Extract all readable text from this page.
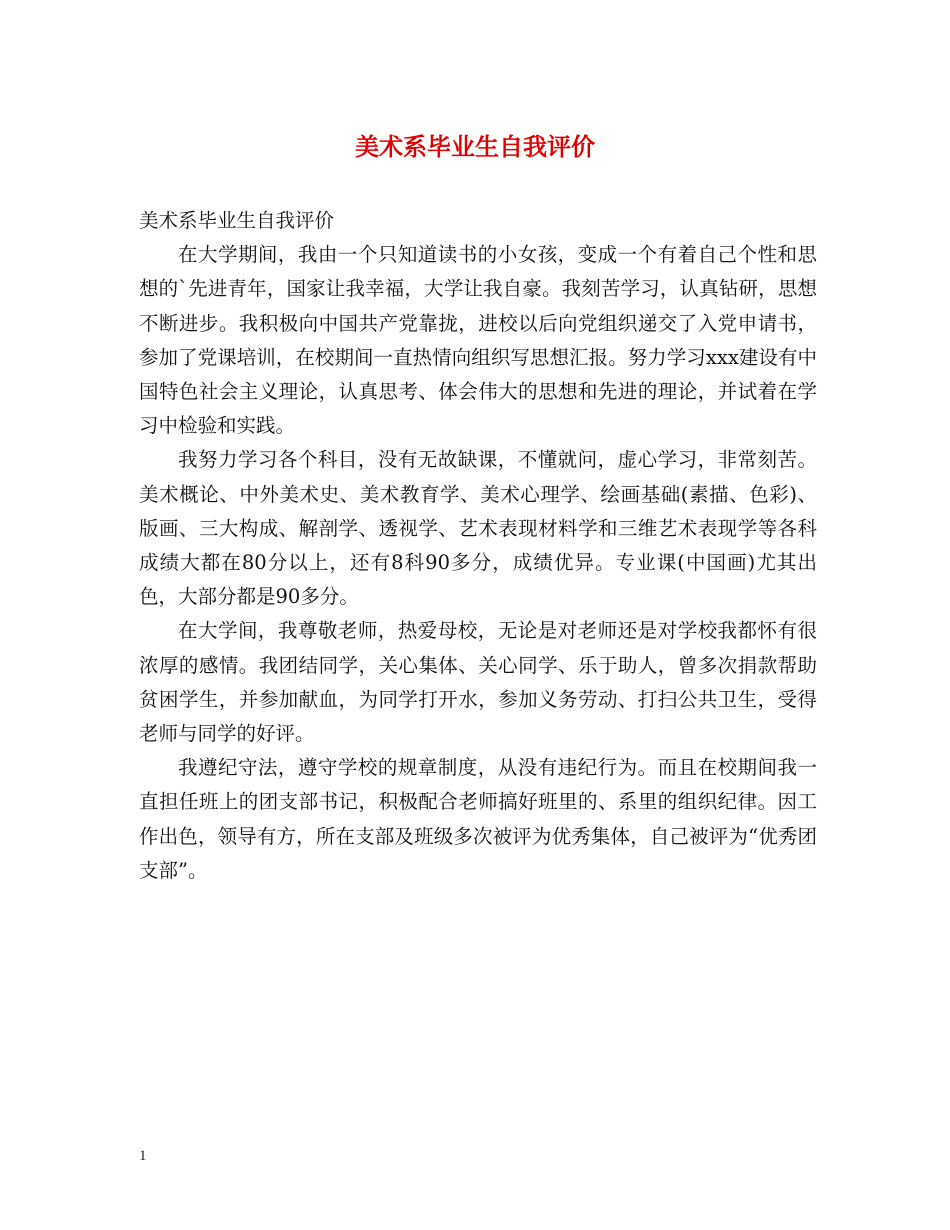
美术系毕业生自我评价

美术系毕业生自我评价

在大学期间，我由一个只知道读书的小女孩，变成一个有着自己个性和思想的`先进青年，国家让我幸福，大学让我自豪。我刻苦学习，认真钻研，思想不断进步。我积极向中国共产党靠拢，进校以后向党组织递交了入党申请书，参加了党课培训，在校期间一直热情向组织写思想汇报。努力学习xxx建设有中国特色社会主义理论，认真思考、体会伟大的思想和先进的理论，并试着在学习中检验和实践。

我努力学习各个科目，没有无故缺课，不懂就问，虚心学习，非常刻苦。美术概论、中外美术史、美术教育学、美术心理学、绘画基础(素描、色彩)、版画、三大构成、解剖学、透视学、艺术表现材料学和三维艺术表现学等各科成绩大都在80分以上，还有8科90多分，成绩优异。专业课(中国画)尤其出色，大部分都是90多分。

在大学间，我尊敬老师，热爱母校，无论是对老师还是对学校我都怀有很浓厚的感情。我团结同学，关心集体、关心同学、乐于助人，曾多次捐款帮助贫困学生，并参加献血，为同学打开水，参加义务劳动、打扫公共卫生，受得老师与同学的好评。

我遵纪守法，遵守学校的规章制度，从没有违纪行为。而且在校期间我一直担任班上的团支部书记，积极配合老师搞好班里的、系里的组织纪律。因工作出色，领导有方，所在支部及班级多次被评为优秀集体，自己被评为“优秀团支部”。

1
